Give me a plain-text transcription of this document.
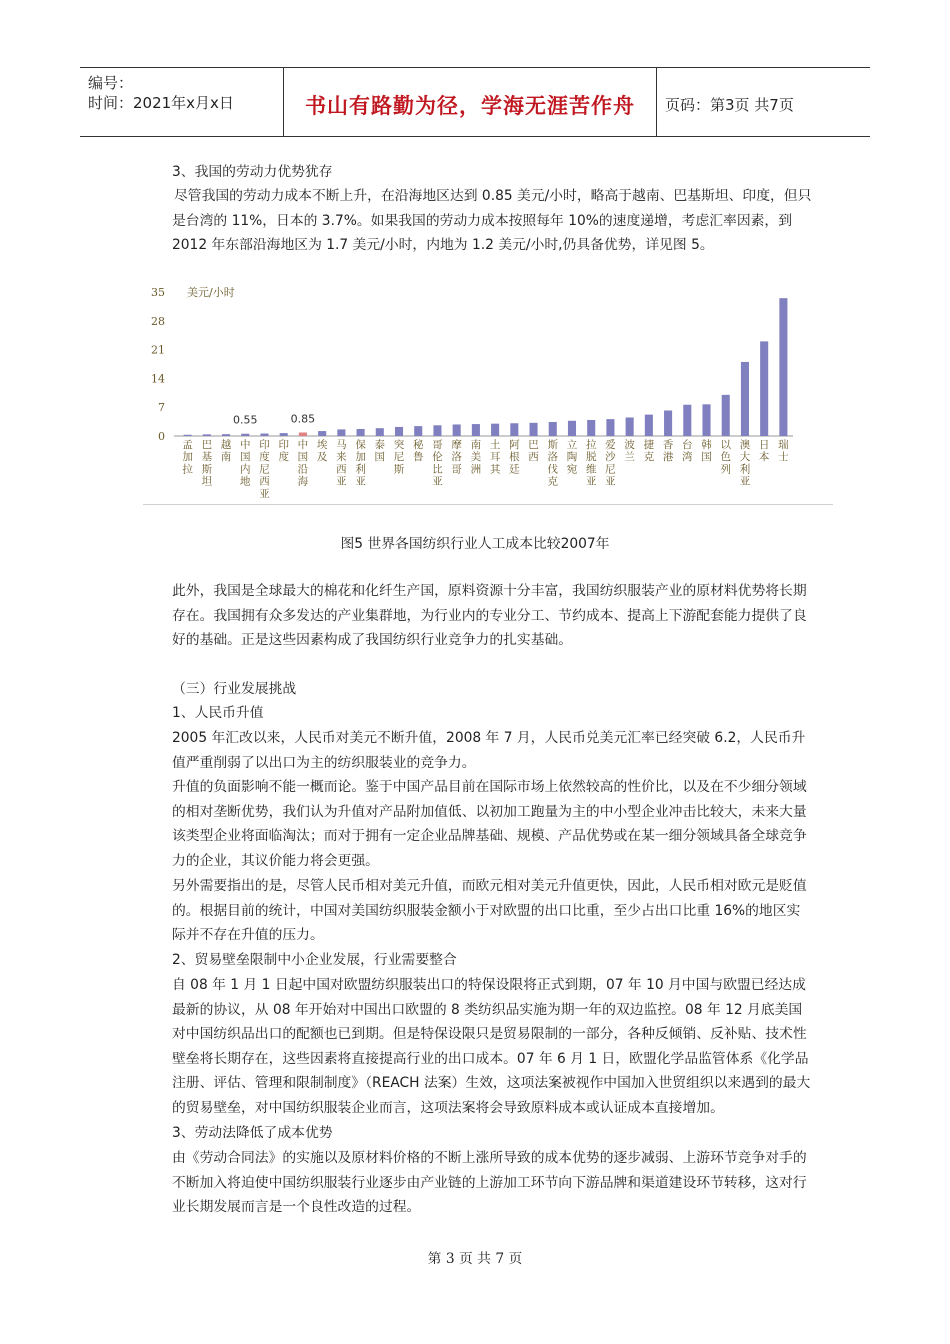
编号：
时间：2021年x月x日	书山有路勤为径，学海无涯苦作舟	页码：第3页 共7页

3、我国的劳动力优势犹存

尽管我国的劳动力成本不断上升，在沿海地区达到 0.85 美元/小时，略高于越南、巴基斯坦、印度，但只是台湾的 11%，日本的 3.7%。如果我国的劳动力成本按照每年 10%的速度递增，考虑汇率因素，到 2012 年东部沿海地区为 1.7 美元/小时，内地为 1.2 美元/小时,仍具备优势，详见图 5。

0
7
14
21
28
35 美元/小时
孟加拉
巴基斯坦
越南
中国内地
印度尼西亚
印度
中国沿海
埃及
马来西亚
保加利亚
泰国
突尼斯
秘鲁
哥伦比亚
摩洛哥
南美洲
土耳其
阿根廷
巴西
斯洛伐克
立陶宛
拉脱维亚
爱沙尼亚
波兰
捷克
香港
台湾
韩国
以色列
澳大利亚
日本
瑞士
0.55	0.85
图5 世界各国纺织行业人工成本比较2007年

此外，我国是全球最大的棉花和化纤生产国，原料资源十分丰富，我国纺织服装产业的原材料优势将长期存在。我国拥有众多发达的产业集群地，为行业内的专业分工、节约成本、提高上下游配套能力提供了良好的基础。正是这些因素构成了我国纺织行业竞争力的扎实基础。

（三）行业发展挑战

1、人民币升值

2005 年汇改以来，人民币对美元不断升值，2008 年 7 月，人民币兑美元汇率已经突破 6.2，人民币升值严重削弱了以出口为主的纺织服装业的竞争力。

升值的负面影响不能一概而论。鉴于中国产品目前在国际市场上依然较高的性价比，以及在不少细分领域的相对垄断优势，我们认为升值对产品附加值低、以初加工跑量为主的中小型企业冲击比较大，未来大量该类型企业将面临淘汰；而对于拥有一定企业品牌基础、规模、产品优势或在某一细分领域具备全球竞争力的企业，其议价能力将会更强。

另外需要指出的是，尽管人民币相对美元升值，而欧元相对美元升值更快，因此，人民币相对欧元是贬值的。根据目前的统计，中国对美国纺织服装金额小于对欧盟的出口比重，至少占出口比重 16%的地区实际并不存在升值的压力。

2、贸易壁垒限制中小企业发展，行业需要整合

自 08 年 1 月 1 日起中国对欧盟纺织服装出口的特保设限将正式到期，07 年 10 月中国与欧盟已经达成最新的协议，从 08 年开始对中国出口欧盟的 8 类纺织品实施为期一年的双边监控。08 年 12 月底美国对中国纺织品出口的配额也已到期。但是特保设限只是贸易限制的一部分，各种反倾销、反补贴、技术性壁垒将长期存在，这些因素将直接提高行业的出口成本。07 年 6 月 1 日，欧盟化学品监管体系《化学品注册、评估、管理和限制制度》（REACH 法案）生效，这项法案被视作中国加入世贸组织以来遇到的最大的贸易壁垒，对中国纺织服装企业而言，这项法案将会导致原料成本或认证成本直接增加。

3、劳动法降低了成本优势

由《劳动合同法》的实施以及原材料价格的不断上涨所导致的成本优势的逐步减弱、上游环节竞争对手的不断加入将迫使中国纺织服装行业逐步由产业链的上游加工环节向下游品牌和渠道建设环节转移，这对行业长期发展而言是一个良性改造的过程。

第 3 页 共 7 页
